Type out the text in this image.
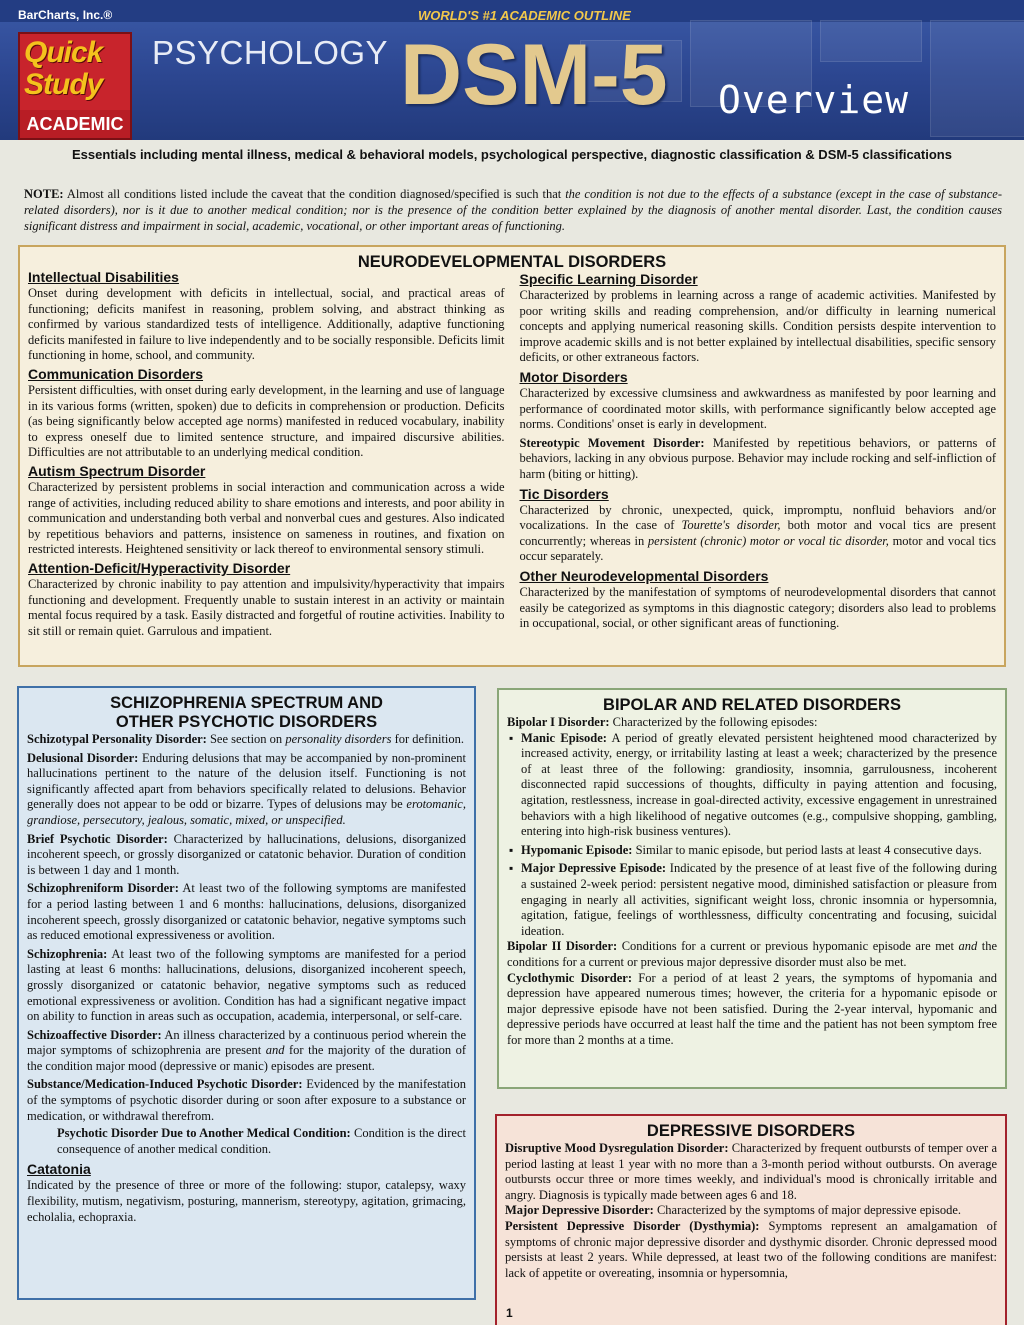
BarCharts, Inc.®	WORLD'S #1 ACADEMIC OUTLINE
Quick
Study
ACADEMIC
PSYCHOLOGY DSM-5 Overview
Essentials including mental illness, medical & behavioral models, psychological perspective, diagnostic classification & DSM-5 classifications
NOTE: Almost all conditions listed include the caveat that the condition diagnosed/specified is such that the condition is not due to the effects of a substance (except in the case of substance-related disorders), nor is it due to another medical condition; nor is the presence of the condition better explained by the diagnosis of another mental disorder. Last, the condition causes significant distress and impairment in social, academic, vocational, or other important areas of functioning.
NEURODEVELOPMENTAL DISORDERS
Intellectual Disabilities

Onset during development with deficits in intellectual, social, and practical areas of functioning; deficits manifest in reasoning, problem solving, and abstract thinking as confirmed by various standardized tests of intelligence. Additionally, adaptive functioning deficits manifested in failure to live independently and to be socially responsible. Deficits limit functioning in home, school, and community.

Communication Disorders

Persistent difficulties, with onset during early development, in the learning and use of language in its various forms (written, spoken) due to deficits in comprehension or production. Deficits (as being significantly below accepted age norms) manifested in reduced vocabulary, inability to express oneself due to limited sentence structure, and impaired discursive abilities. Difficulties are not attributable to an underlying medical condition.

Autism Spectrum Disorder

Characterized by persistent problems in social interaction and communication across a wide range of activities, including reduced ability to share emotions and interests, and poor ability in communication and understanding both verbal and nonverbal cues and gestures. Also indicated by repetitious behaviors and patterns, insistence on sameness in routines, and fixation on restricted interests. Heightened sensitivity or lack thereof to environmental sensory stimuli.

Attention-Deficit/Hyperactivity Disorder

Characterized by chronic inability to pay attention and impulsivity/hyperactivity that impairs functioning and development. Frequently unable to sustain interest in an activity or maintain mental focus required by a task. Easily distracted and forgetful of routine activities. Inability to sit still or remain quiet. Garrulous and impatient.

Specific Learning Disorder

Characterized by problems in learning across a range of academic activities. Manifested by poor writing skills and reading comprehension, and/or difficulty in learning numerical concepts and applying numerical reasoning skills. Condition persists despite intervention to improve academic skills and is not better explained by intellectual disabilities, specific sensory deficits, or other extraneous factors.

Motor Disorders

Characterized by excessive clumsiness and awkwardness as manifested by poor learning and performance of coordinated motor skills, with performance significantly below accepted age norms. Conditions' onset is early in development.

Stereotypic Movement Disorder: Manifested by repetitious behaviors, or patterns of behaviors, lacking in any obvious purpose. Behavior may include rocking and self-infliction of harm (biting or hitting).

Tic Disorders

Characterized by chronic, unexpected, quick, impromptu, nonfluid behaviors and/or vocalizations. In the case of Tourette's disorder, both motor and vocal tics are present concurrently; whereas in persistent (chronic) motor or vocal tic disorder, motor and vocal tics occur separately.

Other Neurodevelopmental Disorders

Characterized by the manifestation of symptoms of neurodevelopmental disorders that cannot easily be categorized as symptoms in this diagnostic category; disorders also lead to problems in occupational, social, or other significant areas of functioning.

SCHIZOPHRENIA SPECTRUM AND
OTHER PSYCHOTIC DISORDERS

Schizotypal Personality Disorder: See section on personality disorders for definition.

Delusional Disorder: Enduring delusions that may be accompanied by non-prominent hallucinations pertinent to the nature of the delusion itself. Functioning is not significantly affected apart from behaviors specifically related to delusions. Behavior generally does not appear to be odd or bizarre. Types of delusions may be erotomanic, grandiose, persecutory, jealous, somatic, mixed, or unspecified.

Brief Psychotic Disorder: Characterized by hallucinations, delusions, disorganized incoherent speech, or grossly disorganized or catatonic behavior. Duration of condition is between 1 day and 1 month.

Schizophreniform Disorder: At least two of the following symptoms are manifested for a period lasting between 1 and 6 months: hallucinations, delusions, disorganized incoherent speech, grossly disorganized or catatonic behavior, negative symptoms such as reduced emotional expressiveness or avolition.

Schizophrenia: At least two of the following symptoms are manifested for a period lasting at least 6 months: hallucinations, delusions, disorganized incoherent speech, grossly disorganized or catatonic behavior, negative symptoms such as reduced emotional expressiveness or avolition. Condition has had a significant negative impact on ability to function in areas such as occupation, academia, interpersonal, or self-care.

Schizoaffective Disorder: An illness characterized by a continuous period wherein the major symptoms of schizophrenia are present and for the majority of the duration of the condition major mood (depressive or manic) episodes are present.

Substance/Medication-Induced Psychotic Disorder: Evidenced by the manifestation of the symptoms of psychotic disorder during or soon after exposure to a substance or medication, or withdrawal therefrom.

Psychotic Disorder Due to Another Medical Condition: Condition is the direct consequence of another medical condition.

Catatonia

Indicated by the presence of three or more of the following: stupor, catalepsy, waxy flexibility, mutism, negativism, posturing, mannerism, stereotypy, agitation, grimacing, echolalia, echopraxia.

BIPOLAR AND RELATED DISORDERS

Bipolar I Disorder: Characterized by the following episodes:

▪ Manic Episode: A period of greatly elevated persistent heightened mood characterized by increased activity, energy, or irritability lasting at least a week; characterized by the presence of at least three of the following: grandiosity, insomnia, garrulousness, incoherent disconnected rapid successions of thoughts, difficulty in paying attention and focusing, agitation, restlessness, increase in goal-directed activity, excessive engagement in unrestrained behaviors with a high likelihood of negative outcomes (e.g., compulsive shopping, gambling, entering into high-risk business ventures).
▪ Hypomanic Episode: Similar to manic episode, but period lasts at least 4 consecutive days.
▪ Major Depressive Episode: Indicated by the presence of at least five of the following during a sustained 2-week period: persistent negative mood, diminished satisfaction or pleasure from engaging in nearly all activities, significant weight loss, chronic insomnia or hypersomnia, agitation, fatigue, feelings of worthlessness, difficulty concentrating and focusing, suicidal ideation.

Bipolar II Disorder: Conditions for a current or previous hypomanic episode are met and the conditions for a current or previous major depressive disorder must also be met.

Cyclothymic Disorder: For a period of at least 2 years, the symptoms of hypomania and depression have appeared numerous times; however, the criteria for a hypomanic episode or major depressive episode have not been satisfied. During the 2-year interval, hypomanic and depressive periods have occurred at least half the time and the patient has not been symptom free for more than 2 months at a time.

DEPRESSIVE DISORDERS

Disruptive Mood Dysregulation Disorder: Characterized by frequent outbursts of temper over a period lasting at least 1 year with no more than a 3-month period without outbursts. On average outbursts occur three or more times weekly, and individual's mood is chronically irritable and angry. Diagnosis is typically made between ages 6 and 18.

Major Depressive Disorder: Characterized by the symptoms of major depressive episode.

Persistent Depressive Disorder (Dysthymia): Symptoms represent an amalgamation of symptoms of chronic major depressive disorder and dysthymic disorder. Chronic depressed mood persists at least 2 years. While depressed, at least two of the following conditions are manifest: lack of appetite or overeating, insomnia or hypersomnia,

1
